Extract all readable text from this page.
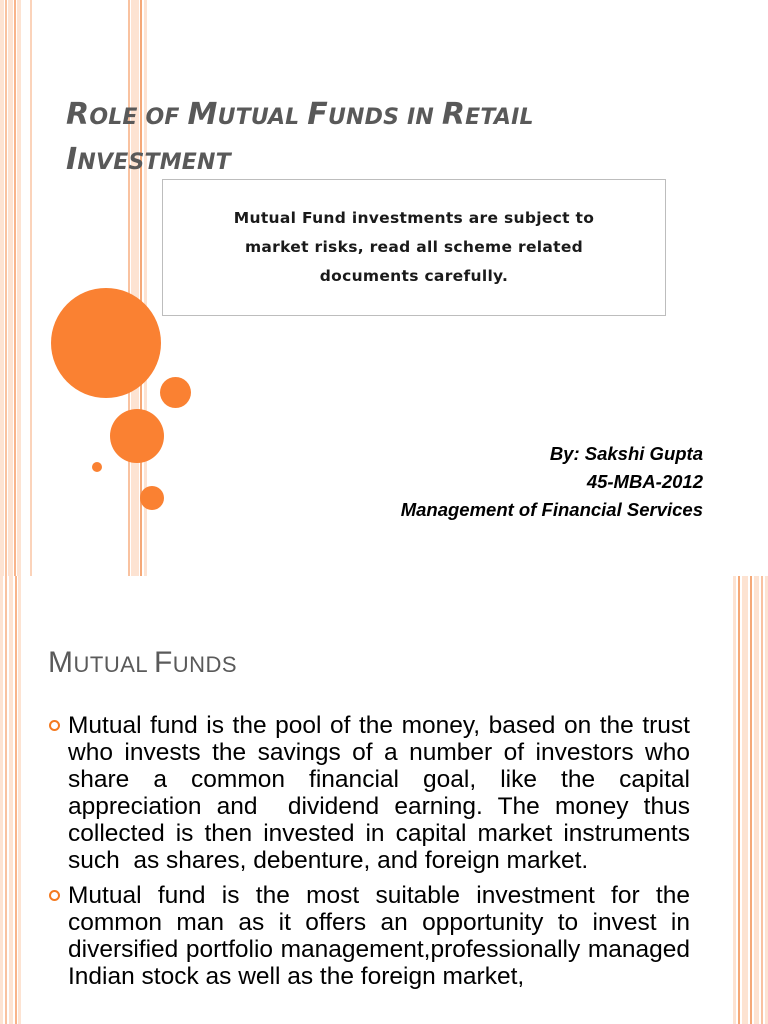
ROLE OF MUTUAL FUNDS IN RETAIL
INVESTMENT

Mutual Fund investments are subject to
market risks, read all scheme related
documents carefully.

By: Sakshi Gupta
45-MBA-2012
Management of Financial Services
MUTUAL FUNDS
Mutual fund is the pool of the money, based on the trust who invests the savings of a number of investors who share a common financial goal, like the capital appreciation and  dividend earning. The money thus collected is then invested in capital market instruments such  as shares, debenture, and foreign market.
Mutual fund is the most suitable investment for the common man as it offers an opportunity to invest in diversified portfolio management,professionally managed Indian stock as well as the foreign market,
